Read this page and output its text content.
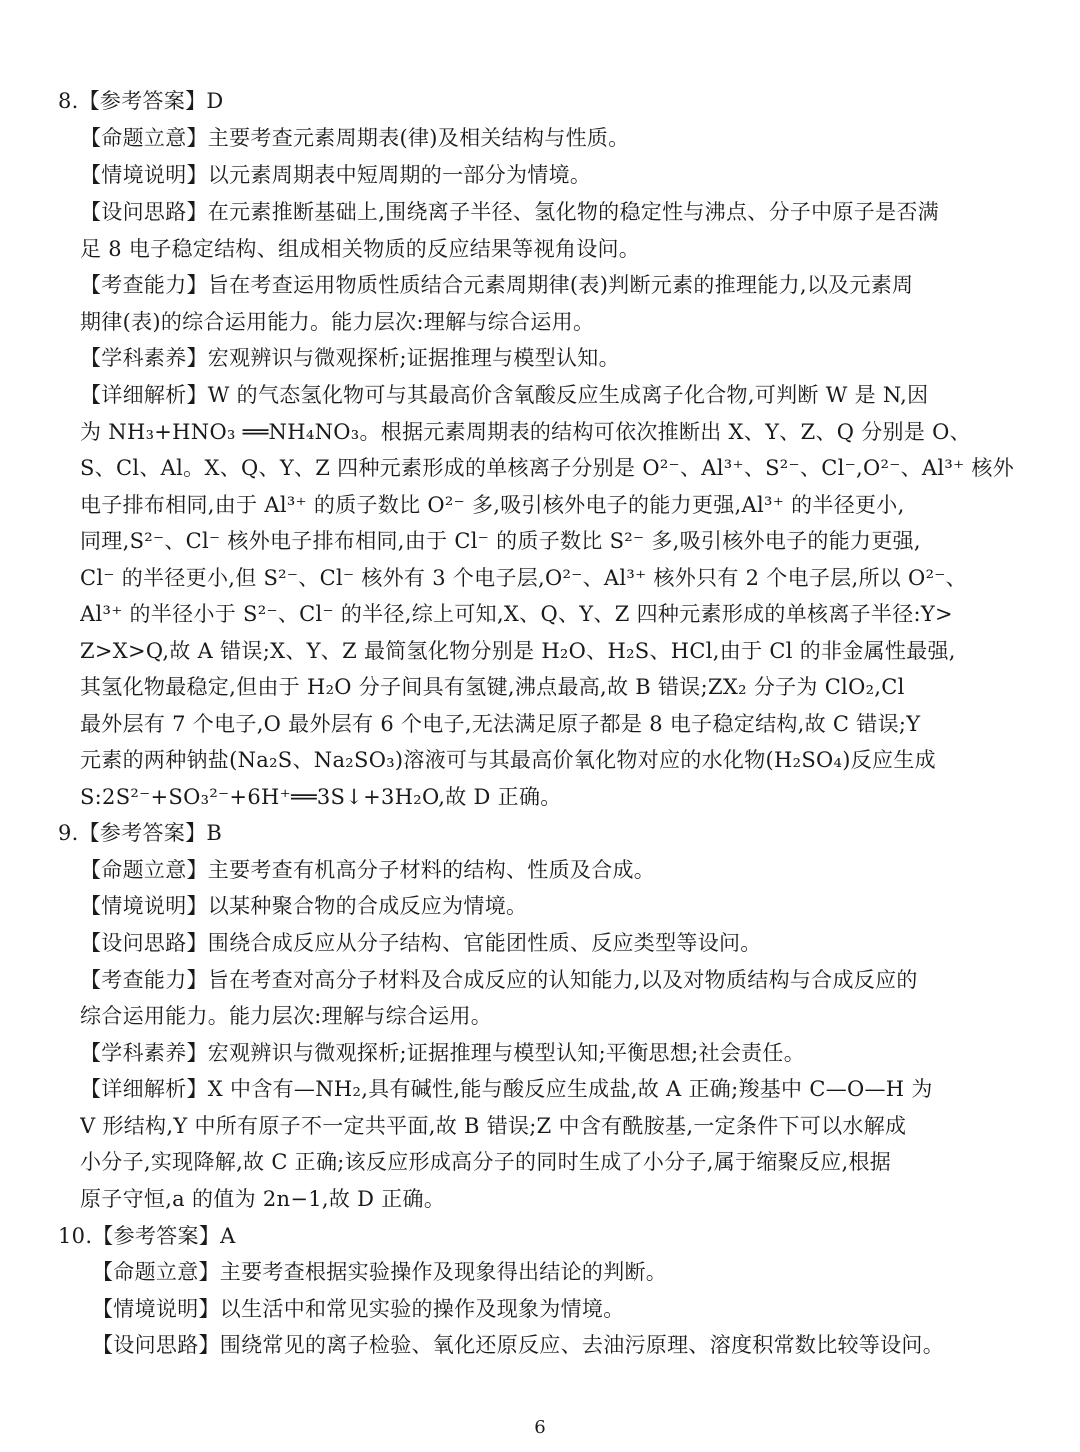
8.【参考答案】D
【命题立意】主要考查元素周期表(律)及相关结构与性质。
【情境说明】以元素周期表中短周期的一部分为情境。
【设问思路】在元素推断基础上,围绕离子半径、氢化物的稳定性与沸点、分子中原子是否满
足 8 电子稳定结构、组成相关物质的反应结果等视角设问。
【考查能力】旨在考查运用物质性质结合元素周期律(表)判断元素的推理能力,以及元素周
期律(表)的综合运用能力。能力层次:理解与综合运用。
【学科素养】宏观辨识与微观探析;证据推理与模型认知。
【详细解析】W 的气态氢化物可与其最高价含氧酸反应生成离子化合物,可判断 W 是 N,因
为 NH₃+HNO₃ ══NH₄NO₃。根据元素周期表的结构可依次推断出 X、Y、Z、Q 分别是 O、
S、Cl、Al。X、Q、Y、Z 四种元素形成的单核离子分别是 O²⁻、Al³⁺、S²⁻、Cl⁻,O²⁻、Al³⁺ 核外
电子排布相同,由于 Al³⁺ 的质子数比 O²⁻ 多,吸引核外电子的能力更强,Al³⁺ 的半径更小,
同理,S²⁻、Cl⁻ 核外电子排布相同,由于 Cl⁻ 的质子数比 S²⁻ 多,吸引核外电子的能力更强,
Cl⁻ 的半径更小,但 S²⁻、Cl⁻ 核外有 3 个电子层,O²⁻、Al³⁺ 核外只有 2 个电子层,所以 O²⁻、
Al³⁺ 的半径小于 S²⁻、Cl⁻ 的半径,综上可知,X、Q、Y、Z 四种元素形成的单核离子半径:Y>
Z>X>Q,故 A 错误;X、Y、Z 最简氢化物分别是 H₂O、H₂S、HCl,由于 Cl 的非金属性最强,
其氢化物最稳定,但由于 H₂O 分子间具有氢键,沸点最高,故 B 错误;ZX₂ 分子为 ClO₂,Cl
最外层有 7 个电子,O 最外层有 6 个电子,无法满足原子都是 8 电子稳定结构,故 C 错误;Y
元素的两种钠盐(Na₂S、Na₂SO₃)溶液可与其最高价氧化物对应的水化物(H₂SO₄)反应生成
S:2S²⁻+SO₃²⁻+6H⁺══3S↓+3H₂O,故 D 正确。
9.【参考答案】B
【命题立意】主要考查有机高分子材料的结构、性质及合成。
【情境说明】以某种聚合物的合成反应为情境。
【设问思路】围绕合成反应从分子结构、官能团性质、反应类型等设问。
【考查能力】旨在考查对高分子材料及合成反应的认知能力,以及对物质结构与合成反应的
综合运用能力。能力层次:理解与综合运用。
【学科素养】宏观辨识与微观探析;证据推理与模型认知;平衡思想;社会责任。
【详细解析】X 中含有—NH₂,具有碱性,能与酸反应生成盐,故 A 正确;羧基中 C—O—H 为
V 形结构,Y 中所有原子不一定共平面,故 B 错误;Z 中含有酰胺基,一定条件下可以水解成
小分子,实现降解,故 C 正确;该反应形成高分子的同时生成了小分子,属于缩聚反应,根据
原子守恒,a 的值为 2n−1,故 D 正确。
10.【参考答案】A
【命题立意】主要考查根据实验操作及现象得出结论的判断。
【情境说明】以生活中和常见实验的操作及现象为情境。
【设问思路】围绕常见的离子检验、氧化还原反应、去油污原理、溶度积常数比较等设问。
6
